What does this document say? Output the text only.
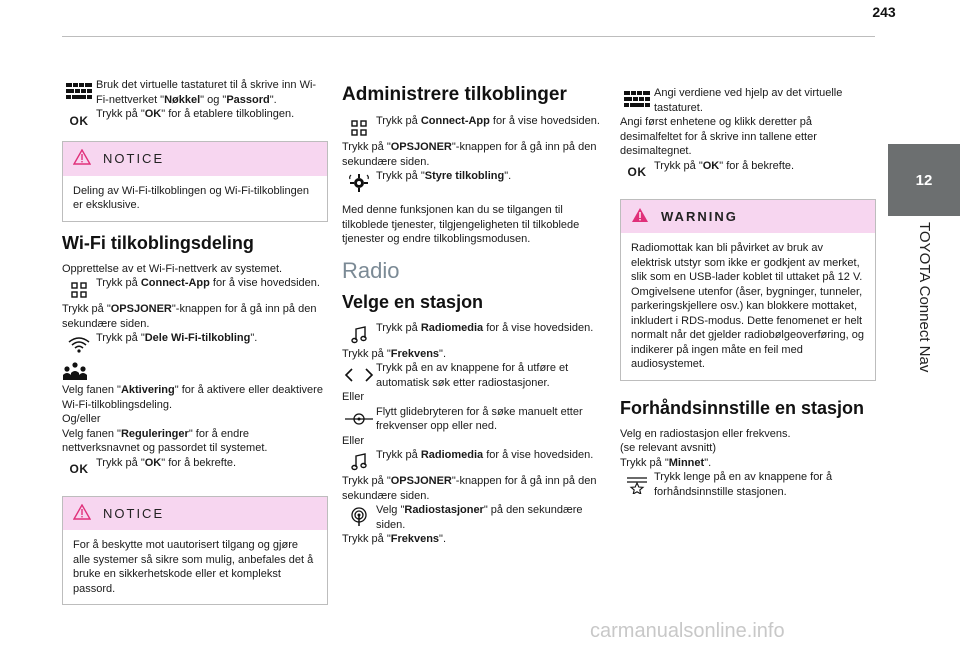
243
12
TOYOTA Connect Nav
Bruk det virtuelle tastaturet til å skrive inn Wi-Fi-nettverket "Nøkkel" og "Passord".
OK Trykk på "OK" for å etablere tilkoblingen.
NOTICE
Deling av Wi-Fi-tilkoblingen og Wi-Fi-tilkoblingen er eksklusive.
Wi-Fi tilkoblingsdeling

Opprettelse av et Wi-Fi-nettverk av systemet.

Trykk på Connect-App for å vise hovedsiden.

Trykk på "OPSJONER"-knappen for å gå inn på den sekundære siden.

Trykk på "Dele Wi-Fi-tilkobling".

Velg fanen "Aktivering" for å aktivere eller deaktivere Wi-Fi-tilkoblingsdeling.

Og/eller

Velg fanen "Reguleringer" for å endre nettverksnavnet og passordet til systemet.

OK Trykk på "OK" for å bekrefte.
NOTICE
For å beskytte mot uautorisert tilgang og gjøre alle systemer så sikre som mulig, anbefales det å bruke en sikkerhetskode eller et komplekst passord.
Administrere tilkoblinger
Trykk på Connect-App for å vise hovedsiden.

Trykk på "OPSJONER"-knappen for å gå inn på den sekundære siden.

Trykk på "Styre tilkobling".

Med denne funksjonen kan du se tilgangen til tilkoblede tjenester, tilgjengeligheten til tilkoblede tjenester og endre tilkoblingsmodusen.

Radio
Velge en stasjon
Trykk på Radiomedia for å vise hovedsiden.

Trykk på "Frekvens".

Trykk på en av knappene for å utføre et automatisk søk etter radiostasjoner.

Eller

Flytt glidebryteren for å søke manuelt etter frekvenser opp eller ned.

Eller

Trykk på Radiomedia for å vise hovedsiden.

Trykk på "OPSJONER"-knappen for å gå inn på den sekundære siden.

Velg "Radiostasjoner" på den sekundære siden.

Trykk på "Frekvens".

Angi verdiene ved hjelp av det virtuelle tastaturet.

Angi først enhetene og klikk deretter på desimalfeltet for å skrive inn tallene etter desimaltegnet.

OK Trykk på "OK" for å bekrefte.
WARNING

Radiomottak kan bli påvirket av bruk av elektrisk utstyr som ikke er godkjent av merket, slik som en USB-lader koblet til uttaket på 12 V.

Omgivelsene utenfor (åser, bygninger, tunneler, parkeringskjellere osv.) kan blokkere mottaket, inkludert i RDS-modus. Dette fenomenet er helt normalt når det gjelder radiobølgeoverføring, og indikerer på ingen måte en feil med audiosystemet.

Forhåndsinnstille en stasjon

Velg en radiostasjon eller frekvens.

(se relevant avsnitt)

Trykk på "Minnet".

Trykk lenge på en av knappene for å forhåndsinnstille stasjonen.
carmanualsonline.info
